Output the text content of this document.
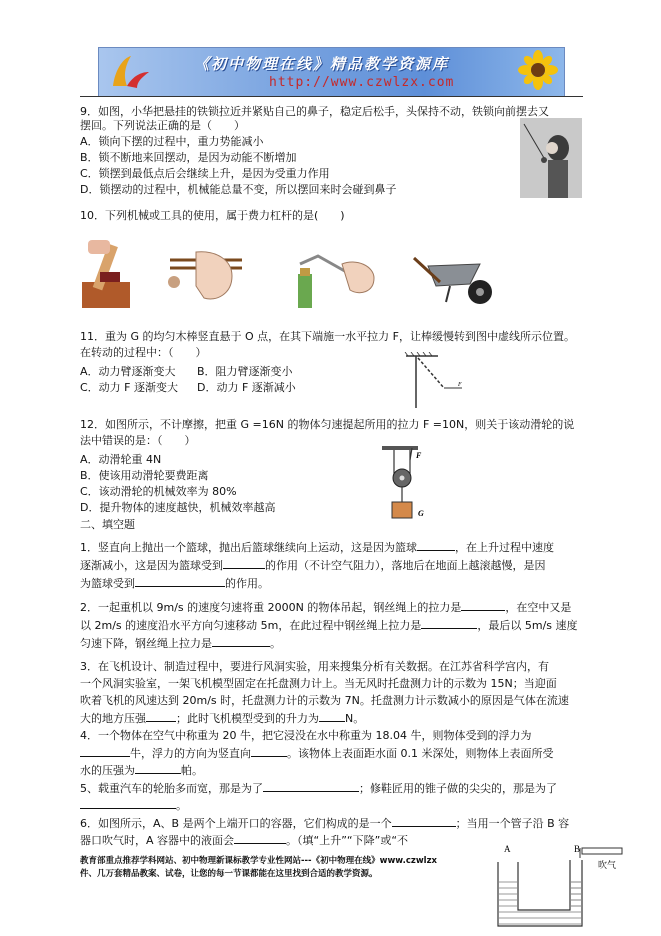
《初中物理在线》精品教学资源库
http://www.czwlzx.com
9．如图，小华把悬挂的铁锁拉近并紧贴自己的鼻子，稳定后松手，头保持不动，铁锁向前摆去又
摆回。下列说法正确的是（　　）
A．锁向下摆的过程中，重力势能减小
B．锁不断地来回摆动，是因为动能不断增加
C．锁摆到最低点后会继续上升，是因为受重力作用
D．锁摆动的过程中，机械能总量不变，所以摆回来时会碰到鼻子
10．下列机械或工具的使用，属于费力杠杆的是(　　)
11．重为 G 的均匀木棒竖直悬于 O 点，在其下端施一水平拉力 F，让棒缓慢转到图中虚线所示位置。
在转动的过程中：（　　）
A．动力臂逐渐变大 B．阻力臂逐渐变小
C．动力 F 逐渐变大 D．动力 F 逐渐减小	F
12．如图所示，不计摩擦，把重 G =16N 的物体匀速提起所用的拉力 F =10N，则关于该动滑轮的说
法中错误的是：（　　）
A．动滑轮重 4N
B．使该用动滑轮要费距离
C．该动滑轮的机械效率为 80%
D．提升物体的速度越快，机械效率越高
F
G
二、填空题
1．竖直向上抛出一个篮球，抛出后篮球继续向上运动，这是因为篮球	，在上升过程中速度
逐渐减小，这是因为篮球受到	的作用（不计空气阻力），落地后在地面上越滚越慢，是因
为篮球受到	的作用。
2．一起重机以 9m/s 的速度匀速将重 2000N 的物体吊起，钢丝绳上的拉力是	，在空中又是
以 2m/s 的速度沿水平方向匀速移动 5m，在此过程中钢丝绳上拉力是	，最后以 5m/s 速度
匀速下降，钢丝绳上拉力是	。
3．在飞机设计、制造过程中，要进行风洞实验，用来搜集分析有关数据。在江苏省科学宫内，有
一个风洞实验室，一架飞机模型固定在托盘测力计上。当无风时托盘测力计的示数为 15N；当迎面
吹着飞机的风速达到 20m/s 时，托盘测力计的示数为 7N。托盘测力计示数减小的原因是气体在流速
大的地方压强	；此时飞机模型受到的升力为 N。
4．一个物体在空气中称重为 20 牛，把它浸没在水中称重为 18.04 牛，则物体受到的浮力为
牛，浮力的方向为竖直向	。该物体上表面距水面 0.1 米深处，则物体上表面所受
水的压强为	帕。
5、载重汽车的轮胎多而宽，那是为了	；修鞋匠用的锥子做的尖尖的，那是为了
。
6．如图所示，A、B 是两个上端开口的容器，它们构成的是一个	；当用一个管子沿 B 容
器口吹气时，A 容器中的液面会	。（填“上升”“下降”或“不
教育部重点推荐学科网站、初中物理新课标教学专业性网站---《初中物理在线》www.czwlzx
件、几万套精品教案、试卷，让您的每一节课都能在这里找到合适的教学资源。
A	B
吹气
